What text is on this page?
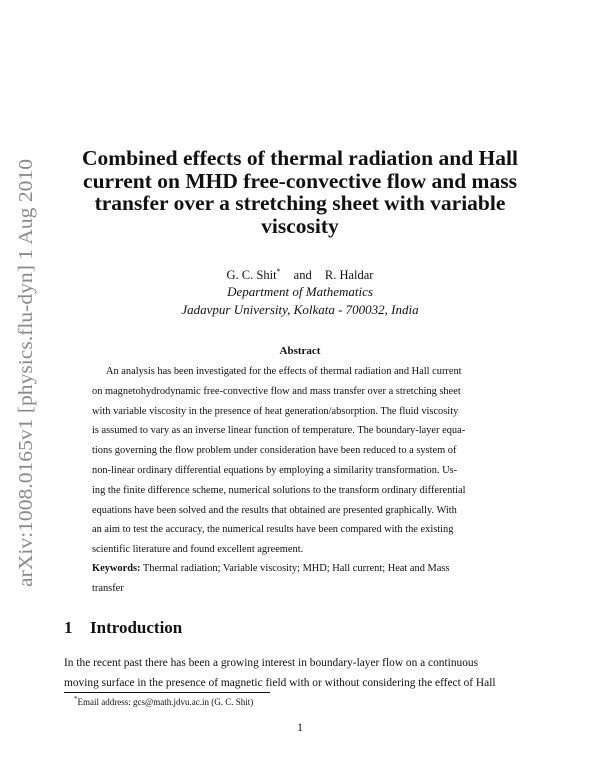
arXiv:1008.0165v1 [physics.flu-dyn] 1 Aug 2010
Combined effects of thermal radiation and Hall
current on MHD free-convective flow and mass
transfer over a stretching sheet with variable
viscosity
G. C. Shit* and R. Haldar
Department of Mathematics
Jadavpur University, Kolkata - 700032, India
Abstract
An analysis has been investigated for the effects of thermal radiation and Hall current
on magnetohydrodynamic free-convective flow and mass transfer over a stretching sheet
with variable viscosity in the presence of heat generation/absorption. The fluid viscosity
is assumed to vary as an inverse linear function of temperature. The boundary-layer equa-
tions governing the flow problem under consideration have been reduced to a system of
non-linear ordinary differential equations by employing a similarity transformation. Us-
ing the finite difference scheme, numerical solutions to the transform ordinary differential
equations have been solved and the results that obtained are presented graphically. With
an aim to test the accuracy, the numerical results have been compared with the existing
scientific literature and found excellent agreement.
Keywords: Thermal radiation; Variable viscosity; MHD; Hall current; Heat and Mass
transfer
1 Introduction
In the recent past there has been a growing interest in boundary-layer flow on a continuous
moving surface in the presence of magnetic field with or without considering the effect of Hall
*Email address: gcs@math.jdvu.ac.in (G. C. Shit)
1
